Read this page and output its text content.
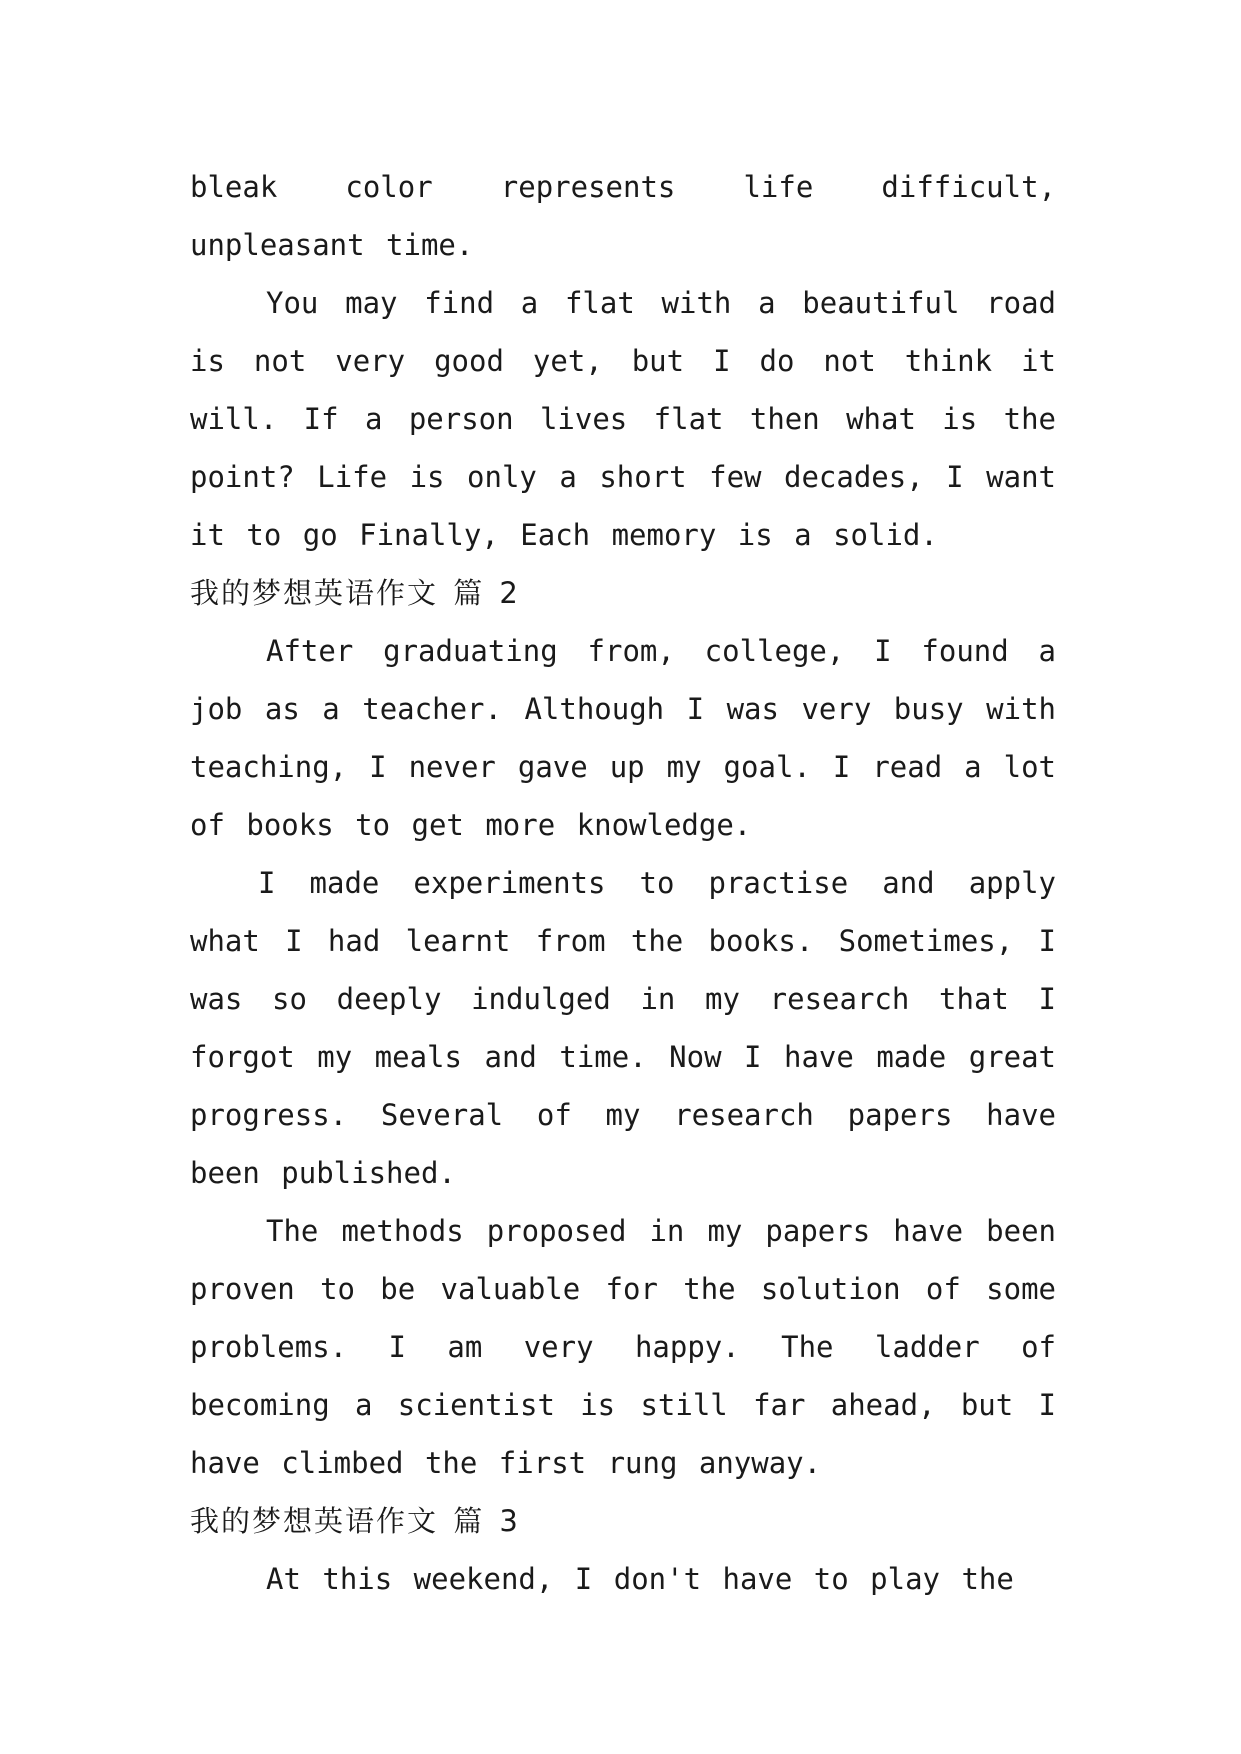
bleak color represents life difficult, unpleasant time.

You may find a flat with a beautiful road is not very good yet, but I do not think it will. If a person lives flat then what is the point? Life is only a short few decades, I want it to go Finally, Each memory is a solid.

我的梦想英语作文 篇 2

After graduating from, college, I found a job as a teacher. Although I was very busy with teaching, I never gave up my goal. I read a lot of books to get more knowledge.

I made experiments to practise and apply what I had learnt from the books. Sometimes, I was so deeply indulged in my research that I forgot my meals and time. Now I have made great progress. Several of my research papers have been published.

The methods proposed in my papers have been proven to be valuable for the solution of some problems. I am very happy. The ladder of becoming a scientist is still far ahead, but I have climbed the first rung anyway.

我的梦想英语作文 篇 3

At this weekend, I don't have to play the
